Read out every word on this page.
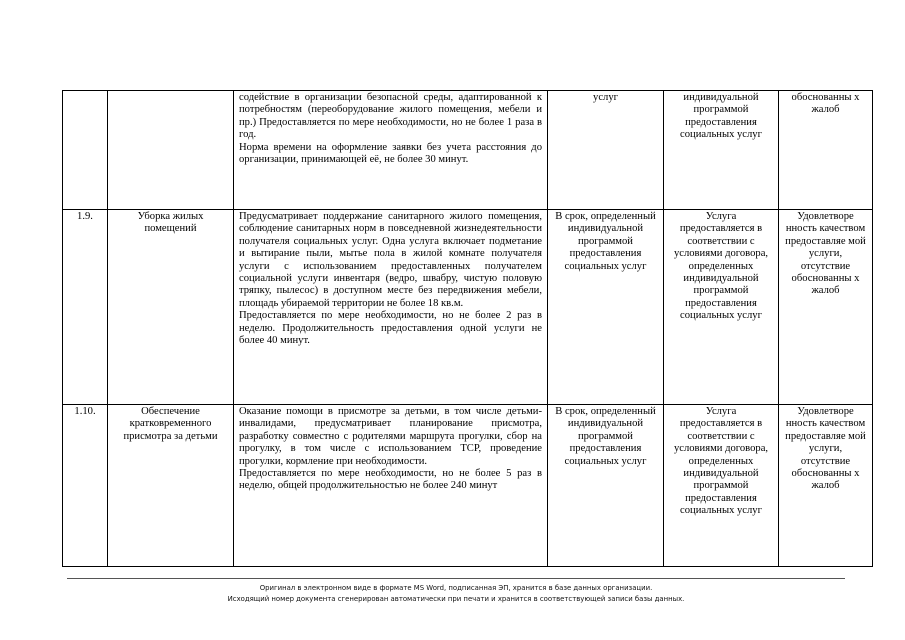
		содействие в организации безопасной среды, адаптированной к потребностям (переоборудование жилого помещения, мебели и пр.) Предоставляется по мере необходимости, но не более 1 раза в год.

Норма времени на оформление заявки без учета расстояния до организации, принимающей её, не более 30 минут.	услуг	индивидуальной программой предоставления социальных услуг	обоснованны х жалоб
1.9.	Уборка жилых помещений	Предусматривает поддержание санитарного жилого помещения, соблюдение санитарных норм в повседневной жизнедеятельности получателя социальных услуг. Одна услуга включает подметание и вытирание пыли, мытье пола в жилой комнате получателя услуги с использованием предоставленных получателем социальной услуги инвентаря (ведро, швабру, чистую половую тряпку, пылесос) в доступном месте без передвижения мебели, площадь убираемой территории не более 18 кв.м.

Предоставляется по мере необходимости, но не более 2 раз в неделю. Продолжительность предоставления одной услуги не более 40 минут.	В срок, определенный индивидуальной программой предоставления социальных услуг	Услуга предоставляется в соответствии с условиями договора, определенных индивидуальной программой предоставления социальных услуг	Удовлетворе нность качеством предоставляе мой услуги, отсутствие обоснованны х жалоб
1.10.	Обеспечение кратковременного присмотра за детьми	Оказание помощи в присмотре за детьми, в том числе детьми-инвалидами, предусматривает планирование присмотра, разработку совместно с родителями маршрута прогулки, сбор на прогулку, в том числе с использованием ТСР, проведение прогулки, кормление при необходимости.

Предоставляется по мере необходимости, но не более 5 раз в неделю, общей продолжительностью не более 240 минут	В срок, определенный индивидуальной программой предоставления социальных услуг	Услуга предоставляется в соответствии с условиями договора, определенных индивидуальной программой предоставления социальных услуг	Удовлетворе нность качеством предоставляе мой услуги, отсутствие обоснованны х жалоб
Оригинал в электронном виде в формате MS Word, подписанная ЭП, хранится в базе данных организации.
Исходящий номер документа сгенерирован автоматически при печати и хранится в соответствующей записи базы данных.
